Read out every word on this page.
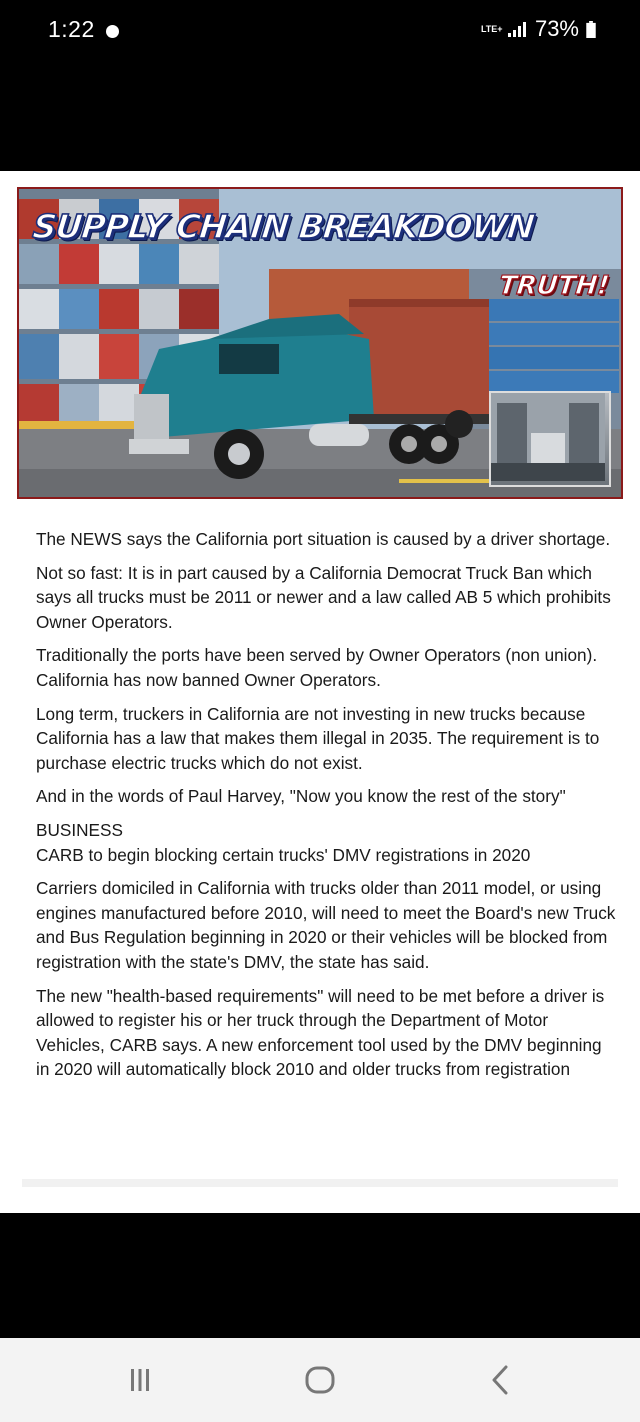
1:22	LTE+ 73%
SUPPLY CHAIN BREAKDOWN
TRUTH!

The NEWS says the California port situation is caused by a driver shortage.

Not so fast: It is in part caused by a California Democrat Truck Ban which says all trucks must be 2011 or newer and a law called AB 5 which prohibits Owner Operators.

Traditionally the ports have been served by Owner Operators (non union). California has now banned Owner Operators.

Long term, truckers in California are not investing in new trucks because California has a law that makes them illegal in 2035. The requirement is to purchase electric trucks which do not exist.

And in the words of Paul Harvey, "Now you know the rest of the story"

BUSINESS

CARB to begin blocking certain trucks' DMV registrations in 2020

Carriers domiciled in California with trucks older than 2011 model, or using engines manufactured before 2010, will need to meet the Board's new Truck and Bus Regulation beginning in 2020 or their vehicles will be blocked from registration with the state's DMV, the state has said.

The new "health-based requirements" will need to be met before a driver is allowed to register his or her truck through the Department of Motor Vehicles, CARB says. A new enforcement tool used by the DMV beginning in 2020 will automatically block 2010 and older trucks from registration
